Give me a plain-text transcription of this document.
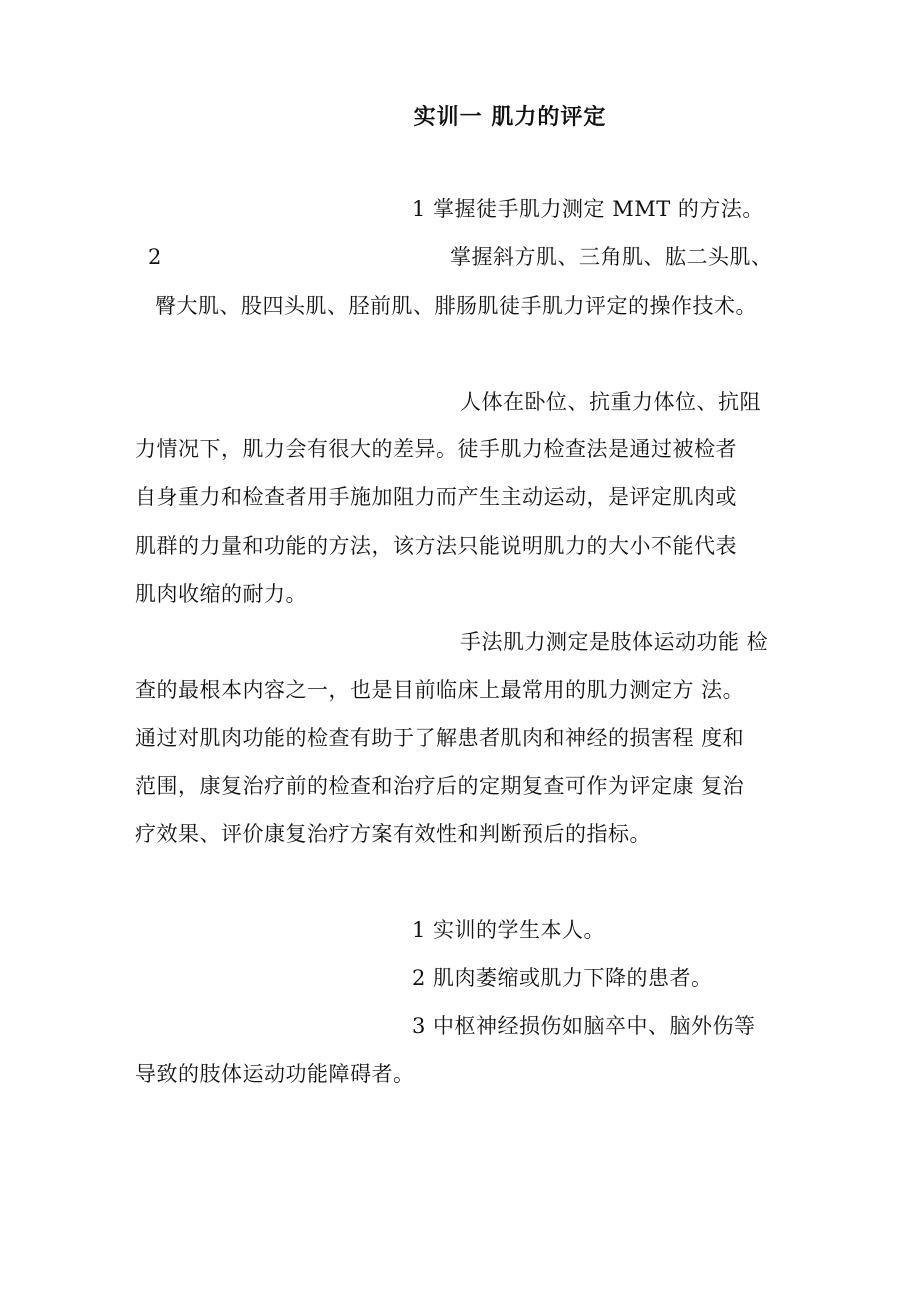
实训一 肌力的评定
1 掌握徒手肌力测定 MMT 的方法。
2	掌握斜方肌、三角肌、肱二头肌、
臀大肌、股四头肌、胫前肌、腓肠肌徒手肌力评定的操作技术。
人体在卧位、抗重力体位、抗阻
力情况下，肌力会有很大的差异。徒手肌力检查法是通过被检者
自身重力和检查者用手施加阻力而产生主动运动，是评定肌肉或
肌群的力量和功能的方法，该方法只能说明肌力的大小不能代表
肌肉收缩的耐力。
手法肌力测定是肢体运动功能 检
查的最根本内容之一，也是目前临床上最常用的肌力测定方 法。
通过对肌肉功能的检查有助于了解患者肌肉和神经的损害程 度和
范围，康复治疗前的检查和治疗后的定期复查可作为评定康 复治
疗效果、评价康复治疗方案有效性和判断预后的指标。
1 实训的学生本人。
2 肌肉萎缩或肌力下降的患者。
3 中枢神经损伤如脑卒中、脑外伤等
导致的肢体运动功能障碍者。
